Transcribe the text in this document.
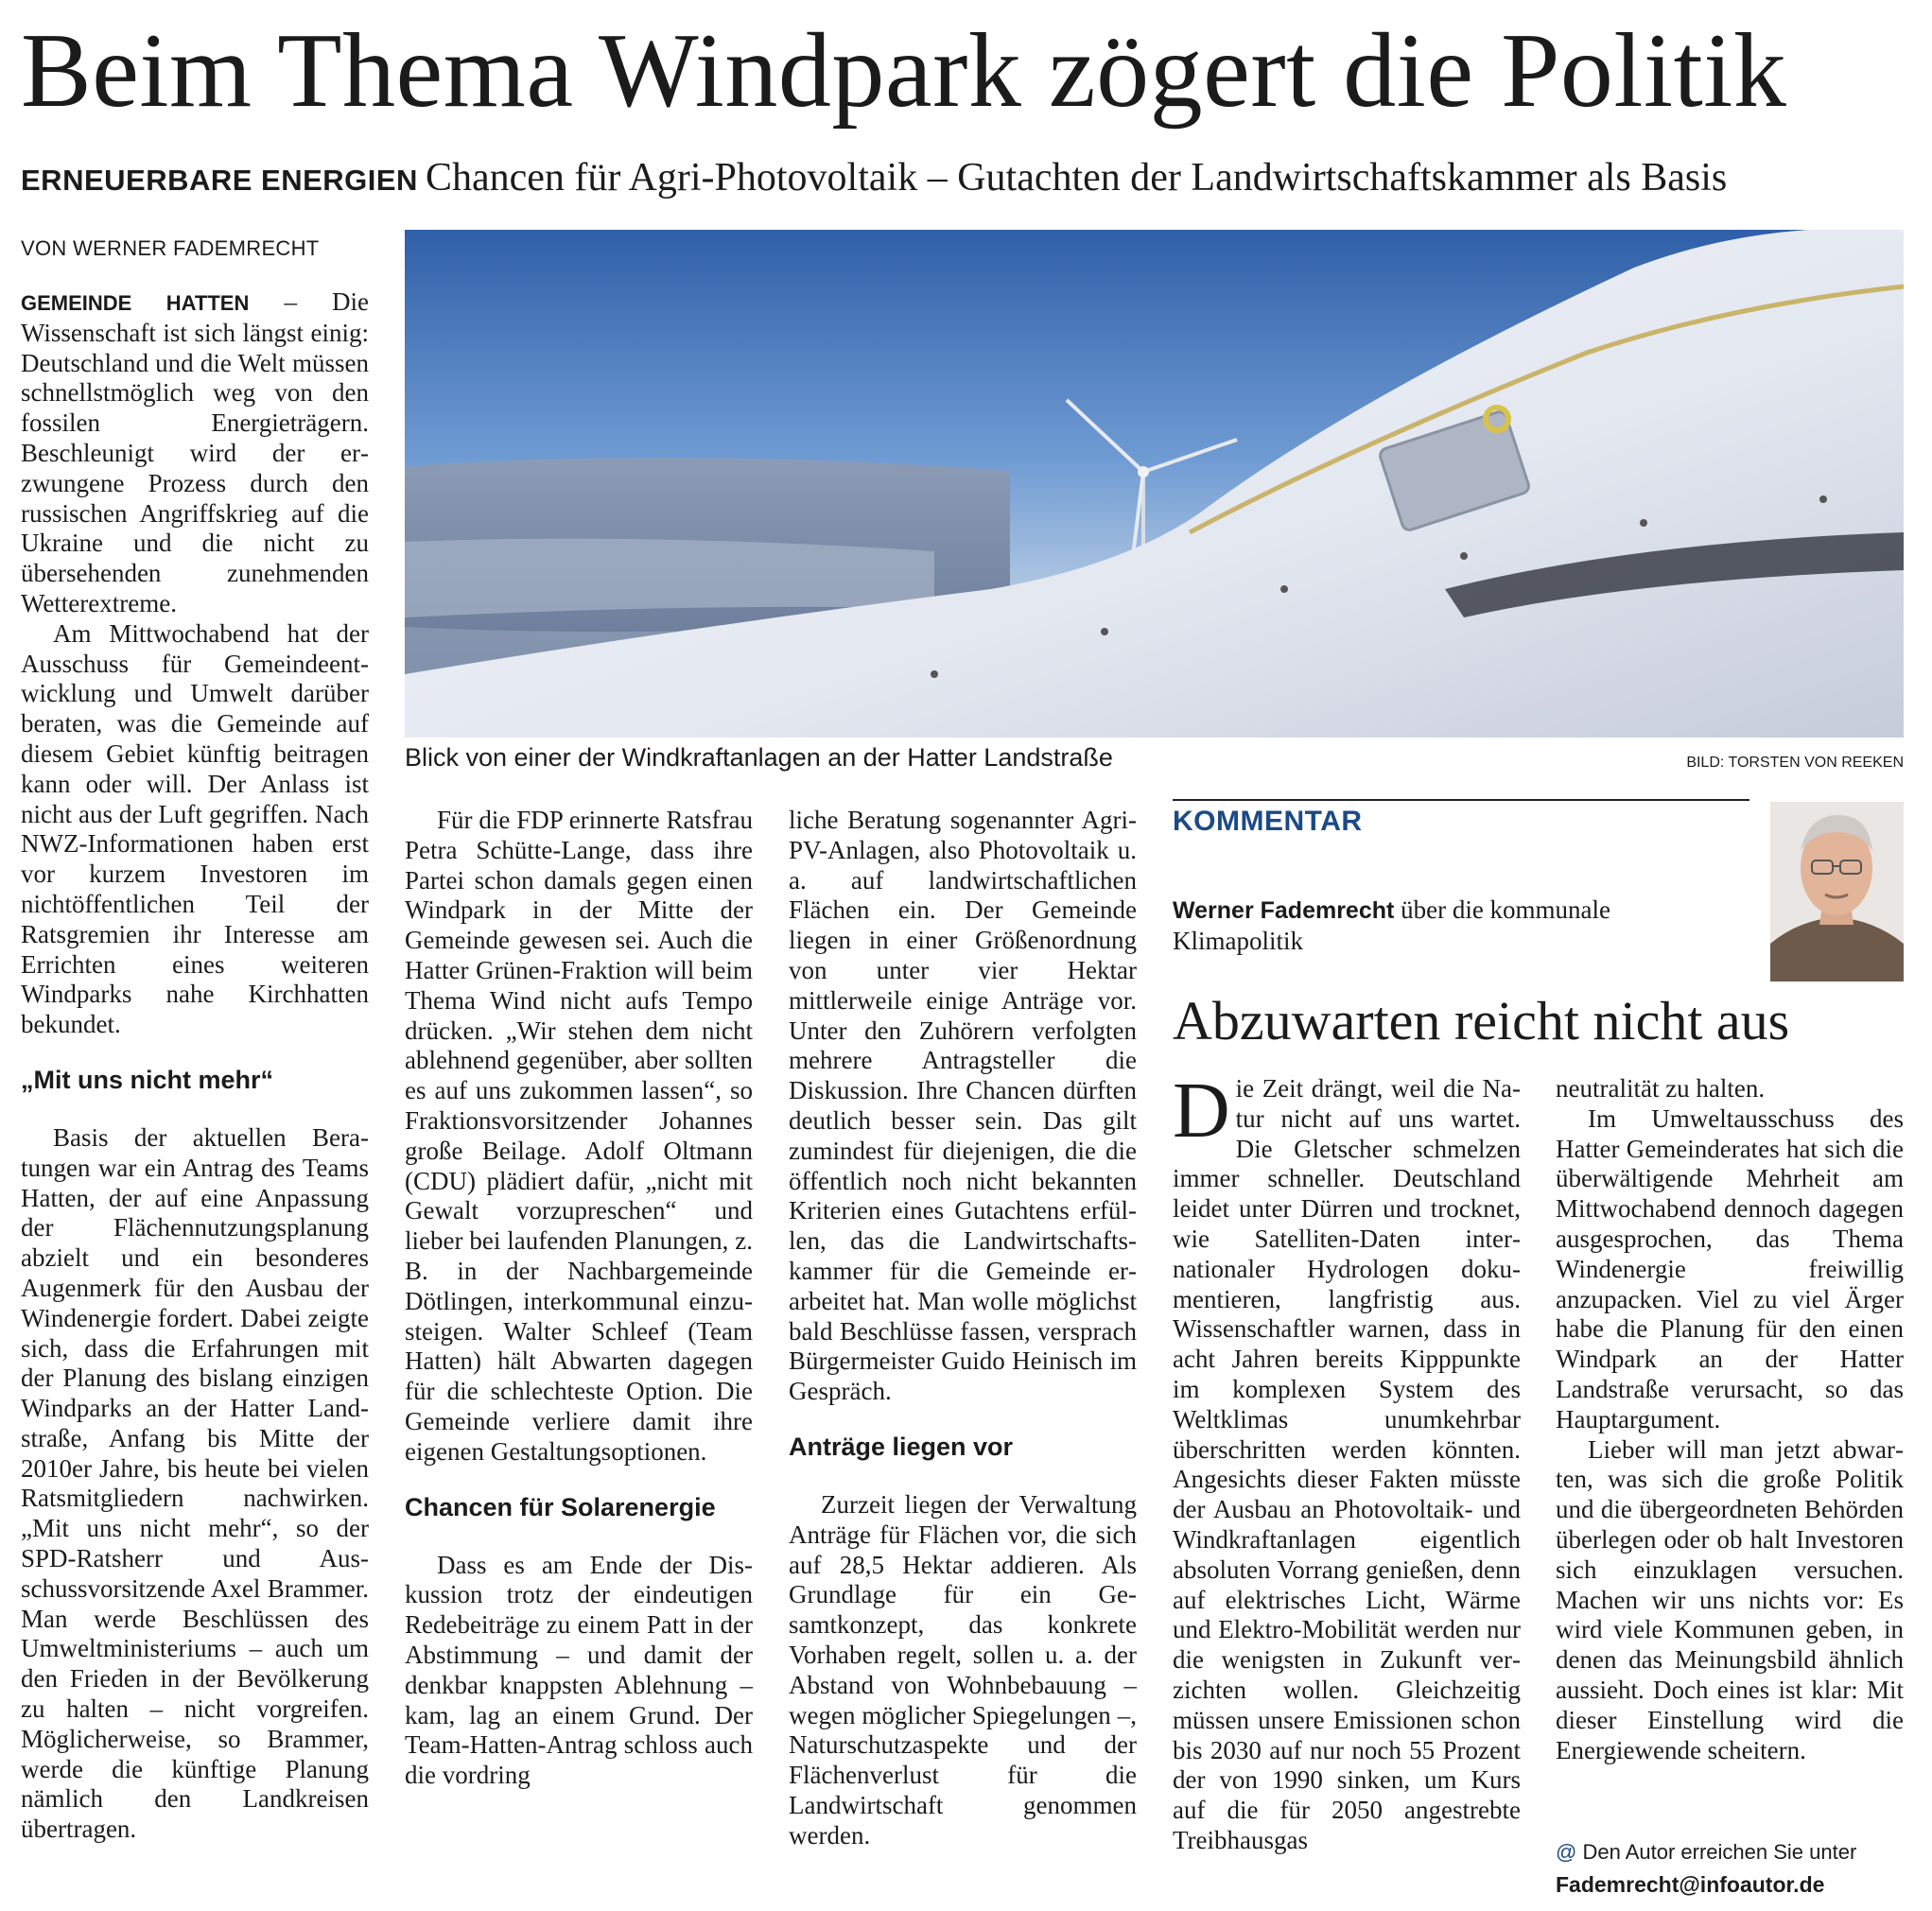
Beim Thema Windpark zögert die Politik
ERNEUERBARE ENERGIEN Chancen für Agri-Photovoltaik – Gutachten der Landwirtschaftskammer als Basis
VON WERNER FADEMRECHT
Blick von einer der Windkraftanlagen an der Hatter Landstraße	BILD: TORSTEN VON REEKEN

GEMEINDE HATTEN – Die Wissenschaft ist sich längst einig: Deutschland und die Welt müssen schnellstmöglich weg von den fossilen Energieträgern. Beschleunigt wird der erzwungene Prozess durch den russischen Angriffskrieg auf die Ukraine und die nicht zu übersehenden zunehmenden Wetterextreme.

Am Mittwochabend hat der Ausschuss für Gemeindeentwicklung und Umwelt darüber beraten, was die Gemeinde auf diesem Gebiet künftig beitragen kann oder will. Der Anlass ist nicht aus der Luft gegriffen. Nach NWZ-Informationen haben erst vor kurzem Investoren im nichtöffentlichen Teil der Ratsgremien ihr Interesse am Errichten eines weiteren Windparks nahe Kirchhatten bekundet.

„Mit uns nicht mehr“

Basis der aktuellen Beratungen war ein Antrag des Teams Hatten, der auf eine Anpassung der Flächennutzungsplanung abzielt und ein besonderes Augenmerk für den Ausbau der Windenergie fordert. Dabei zeigte sich, dass die Erfahrungen mit der Planung des bislang einzigen Windparks an der Hatter Landstraße, Anfang bis Mitte der 2010er Jahre, bis heute bei vielen Ratsmitgliedern nachwirken. „Mit uns nicht mehr“, so der SPD-Ratsherr und Ausschussvorsitzende Axel Brammer. Man werde Beschlüssen des Umweltministeriums – auch um den Frieden in der Bevölkerung zu halten – nicht vorgreifen. Möglicherweise, so Brammer, werde die künftige Planung nämlich den Landkreisen übertragen.

Für die FDP erinnerte Ratsfrau Petra Schütte-Lange, dass ihre Partei schon damals gegen einen Windpark in der Mitte der Gemeinde gewesen sei. Auch die Hatter Grünen-Fraktion will beim Thema Wind nicht aufs Tempo drücken. „Wir stehen dem nicht ablehnend gegenüber, aber sollten es auf uns zukommen lassen“, so Fraktionsvorsitzender Johannes große Beilage. Adolf Oltmann (CDU) plädiert dafür, „nicht mit Gewalt vorzupreschen“ und lieber bei laufenden Planungen, z. B. in der Nachbargemeinde Dötlingen, interkommunal einzusteigen. Walter Schleef (Team Hatten) hält Abwarten dagegen für die schlechteste Option. Die Gemeinde verliere damit ihre eigenen Gestaltungsoptionen.

Chancen für Solarenergie

Dass es am Ende der Diskussion trotz der eindeutigen Redebeiträge zu einem Patt in der Abstimmung – und damit der denkbar knappsten Ablehnung – kam, lag an einem Grund. Der Team-Hatten-Antrag schloss auch die vordring

liche Beratung sogenannter Agri-PV-Anlagen, also Photovoltaik u. a. auf landwirtschaftlichen Flächen ein. Der Gemeinde liegen in einer Größenordnung von unter vier Hektar mittlerweile einige Anträge vor. Unter den Zuhörern verfolgten mehrere Antragsteller die Diskussion. Ihre Chancen dürften deutlich besser sein. Das gilt zumindest für diejenigen, die die öffentlich noch nicht bekannten Kriterien eines Gutachtens erfüllen, das die Landwirtschaftskammer für die Gemeinde erarbeitet hat. Man wolle möglichst bald Beschlüsse fassen, versprach Bürgermeister Guido Heinisch im Gespräch.

Anträge liegen vor

Zurzeit liegen der Verwaltung Anträge für Flächen vor, die sich auf 28,5 Hektar addieren. Als Grundlage für ein Gesamtkonzept, das konkrete Vorhaben regelt, sollen u. a. der Abstand von Wohnbebauung – wegen möglicher Spiegelungen –, Naturschutzaspekte und der Flächenverlust für die Landwirtschaft genommen werden.

KOMMENTAR
Werner Fademrecht über die kommunale Klimapolitik
Abzuwarten reicht nicht aus

Die Zeit drängt, weil die Natur nicht auf uns wartet. Die Gletscher schmelzen immer schneller. Deutschland leidet unter Dürren und trocknet, wie Satelliten-Daten internationaler Hydrologen dokumentieren, langfristig aus. Wissenschaftler warnen, dass in acht Jahren bereits Kipppunkte im komplexen System des Weltklimas unumkehrbar überschritten werden könnten. Angesichts dieser Fakten müsste der Ausbau an Photovoltaik- und Windkraftanlagen eigentlich absoluten Vorrang genießen, denn auf elektrisches Licht, Wärme und Elektro-Mobilität werden nur die wenigsten in Zukunft verzichten wollen. Gleichzeitig müssen unsere Emissionen schon bis 2030 auf nur noch 55 Prozent der von 1990 sinken, um Kurs auf die für 2050 angestrebte Treibhausgas

neutralität zu halten.

Im Umweltausschuss des Hatter Gemeinderates hat sich die überwältigende Mehrheit am Mittwochabend dennoch dagegen ausgesprochen, das Thema Windenergie freiwillig anzupacken. Viel zu viel Ärger habe die Planung für den einen Windpark an der Hatter Landstraße verursacht, so das Hauptargument.

Lieber will man jetzt abwarten, was sich die große Politik und die übergeordneten Behörden überlegen oder ob halt Investoren sich einzuklagen versuchen. Machen wir uns nichts vor: Es wird viele Kommunen geben, in denen das Meinungsbild ähnlich aussieht. Doch eines ist klar: Mit dieser Einstellung wird die Energiewende scheitern.

@ Den Autor erreichen Sie unter
Fademrecht@infoautor.de
